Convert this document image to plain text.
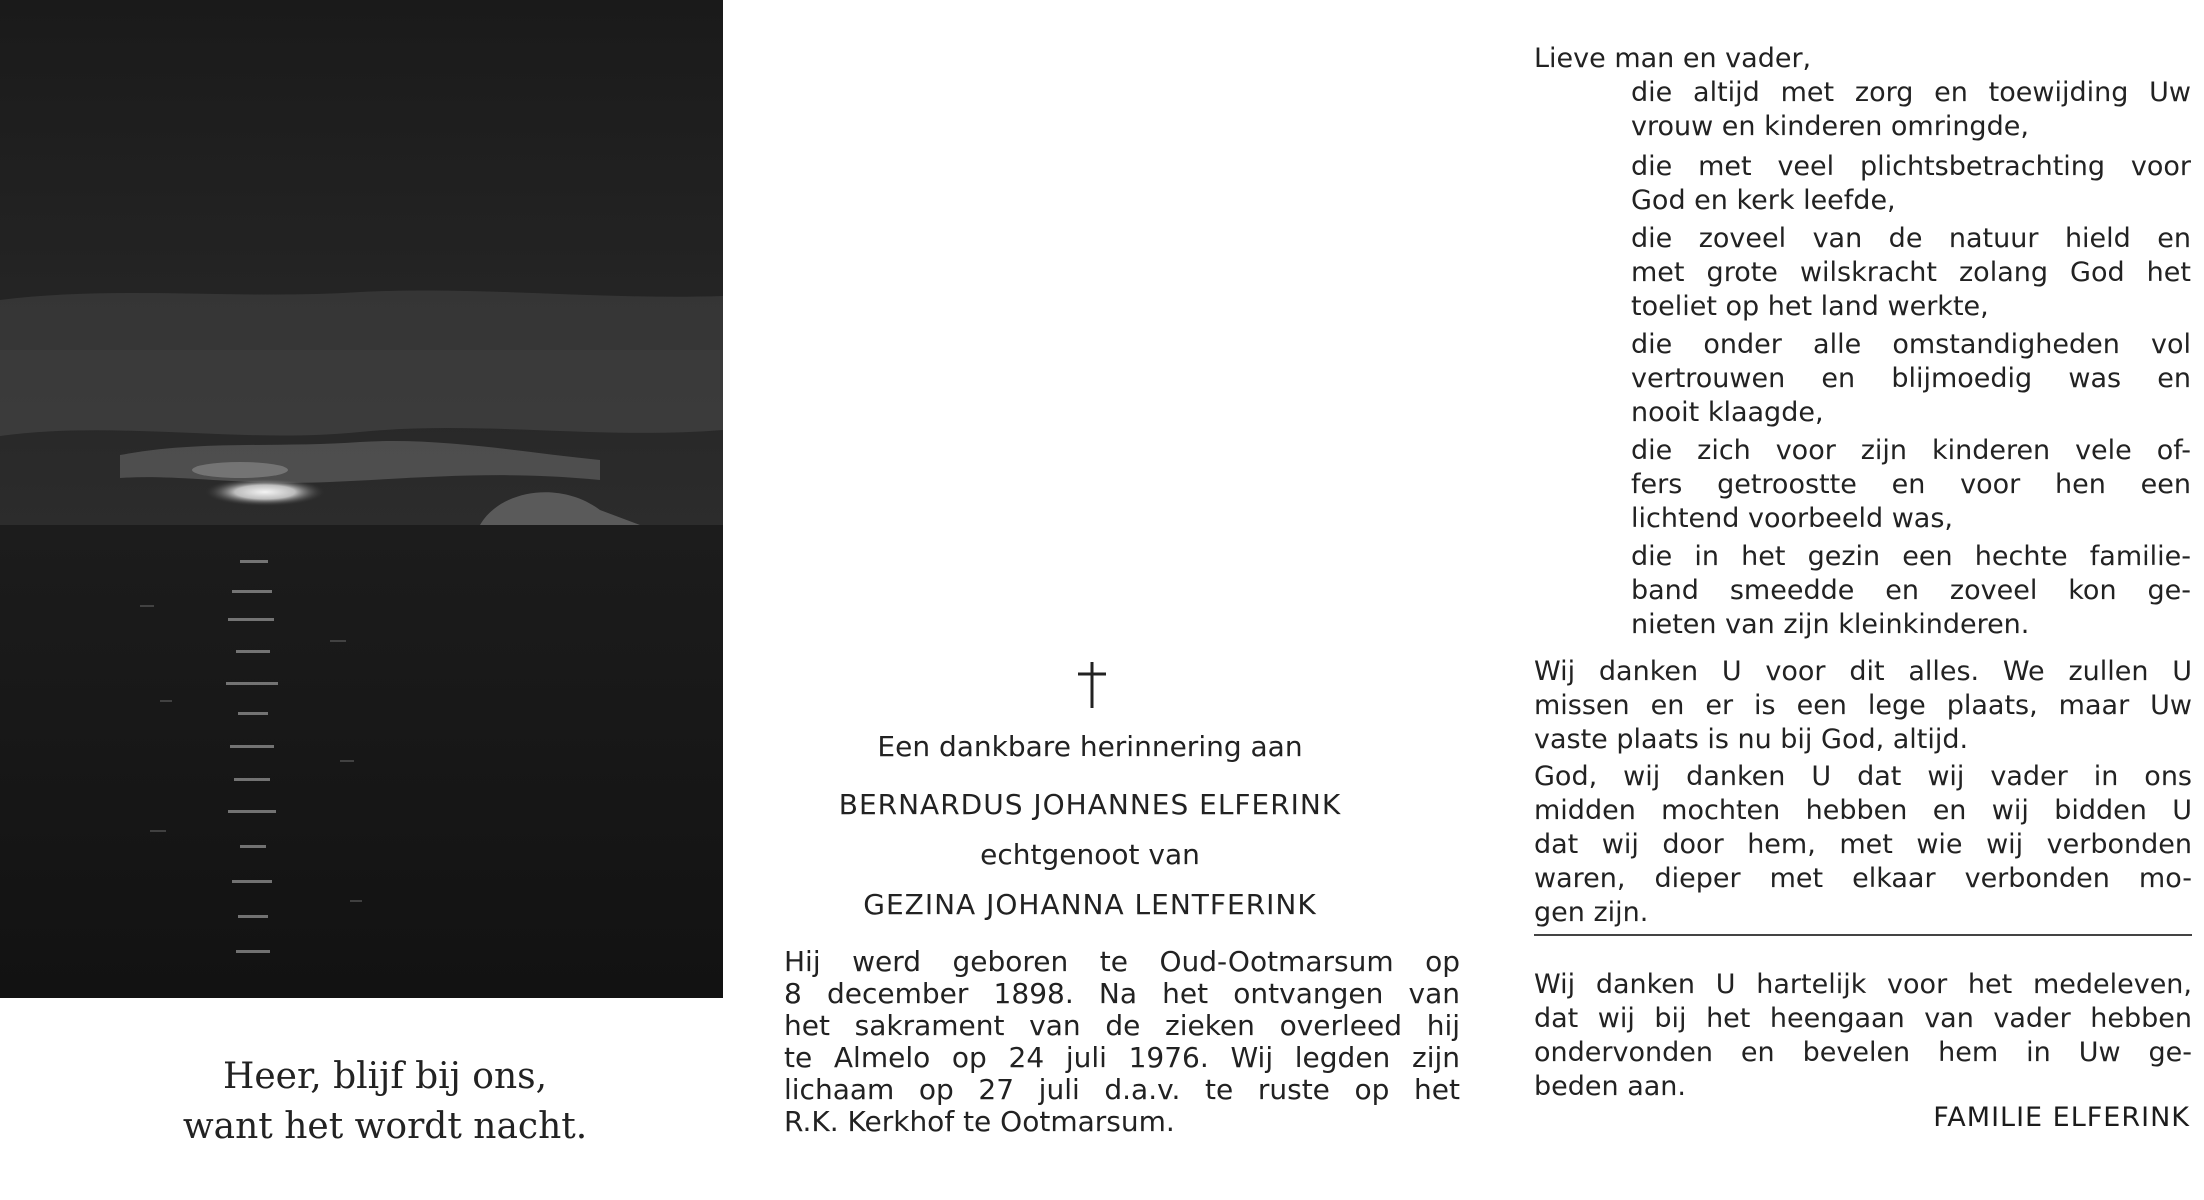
Heer, blijf bij ons,
want het wordt nacht.
Een dankbare herinnering aan
BERNARDUS JOHANNES ELFERINK
echtgenoot van
GEZINA JOHANNA LENTFERINK
Hij werd geboren te Oud-Ootmarsum op
8 december 1898. Na het ontvangen van
het sakrament van de zieken overleed hij
te Almelo op 24 juli 1976. Wij legden zijn
lichaam op 27 juli d.a.v. te ruste op het
R.K. Kerkhof te Ootmarsum.
Lieve man en vader,
die altijd met zorg en toewijding Uw
vrouw en kinderen omringde,
die met veel plichtsbetrachting voor
God en kerk leefde,
die zoveel van de natuur hield en
met grote wilskracht zolang God het
toeliet op het land werkte,
die onder alle omstandigheden vol
vertrouwen en blijmoedig was en
nooit klaagde,
die zich voor zijn kinderen vele of-
fers getroostte en voor hen een
lichtend voorbeeld was,
die in het gezin een hechte familie-
band smeedde en zoveel kon ge-
nieten van zijn kleinkinderen.
Wij danken U voor dit alles. We zullen U
missen en er is een lege plaats, maar Uw
vaste plaats is nu bij God, altijd.
God, wij danken U dat wij vader in ons
midden mochten hebben en wij bidden U
dat wij door hem, met wie wij verbonden
waren, dieper met elkaar verbonden mo-
gen zijn.
Wij danken U hartelijk voor het medeleven,
dat wij bij het heengaan van vader hebben
ondervonden en bevelen hem in Uw ge-
beden aan.
FAMILIE ELFERINK
